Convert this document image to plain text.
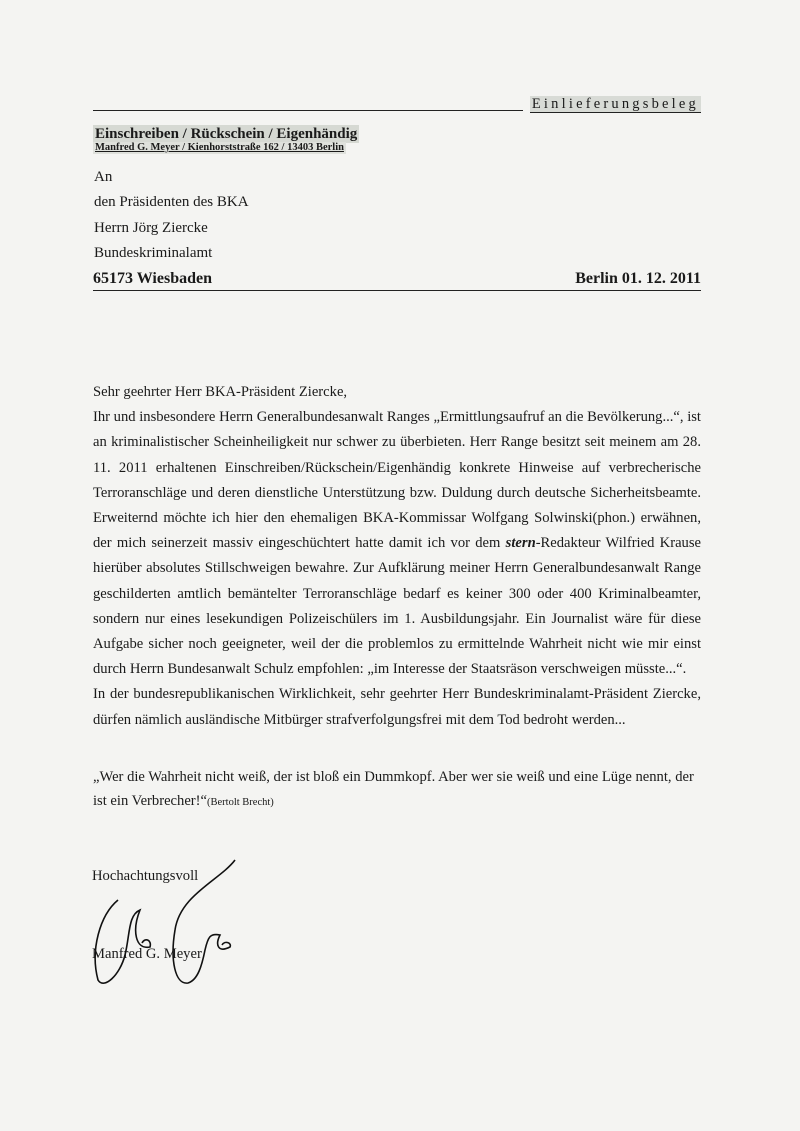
Einlieferungsbeleg
Einschreiben / Rückschein / Eigenhändig
Manfred G. Meyer / Kienhorststraße 162 / 13403 Berlin
An
den Präsidenten des BKA
Herrn Jörg Ziercke
Bundeskriminalamt
65173 Wiesbaden	Berlin 01. 12. 2011

Sehr geehrter Herr BKA-Präsident Ziercke,

Ihr und insbesondere Herrn Generalbundesanwalt Ranges „Ermittlungsaufruf an die Bevölkerung...“, ist an kriminalistischer Scheinheiligkeit nur schwer zu überbieten. Herr Range besitzt seit meinem am 28. 11. 2011 erhaltenen Einschreiben/Rückschein/Eigenhändig konkrete Hinweise auf verbrecherische Terroranschläge und deren dienstliche Unterstützung bzw. Duldung durch deutsche Sicherheitsbeamte. Erweiternd möchte ich hier den ehemaligen BKA-Kommissar Wolfgang Solwinski(phon.) erwähnen, der mich seinerzeit massiv eingeschüchtert hatte damit ich vor dem stern-Redakteur Wilfried Krause hierüber absolutes Stillschweigen bewahre. Zur Aufklärung meiner Herrn Generalbundesanwalt Range geschilderten amtlich bemäntelter Terroranschläge bedarf es keiner 300 oder 400 Kriminalbeamter, sondern nur eines lesekundigen Polizeischülers im 1. Ausbildungsjahr. Ein Journalist wäre für diese Aufgabe sicher noch geeigneter, weil der die problemlos zu ermittelnde Wahrheit nicht wie mir einst durch Herrn Bundesanwalt Schulz empfohlen: „im Interesse der Staatsräson verschweigen müsste...“.

In der bundesrepublikanischen Wirklichkeit, sehr geehrter Herr Bundeskriminalamt-Präsident Ziercke, dürfen nämlich ausländische Mitbürger strafverfolgungsfrei mit dem Tod bedroht werden...

„Wer die Wahrheit nicht weiß, der ist bloß ein Dummkopf. Aber wer sie weiß und eine Lüge nennt, der ist ein Verbrecher!“(Bertolt Brecht)
Hochachtungsvoll
Manfred G. Meyer
